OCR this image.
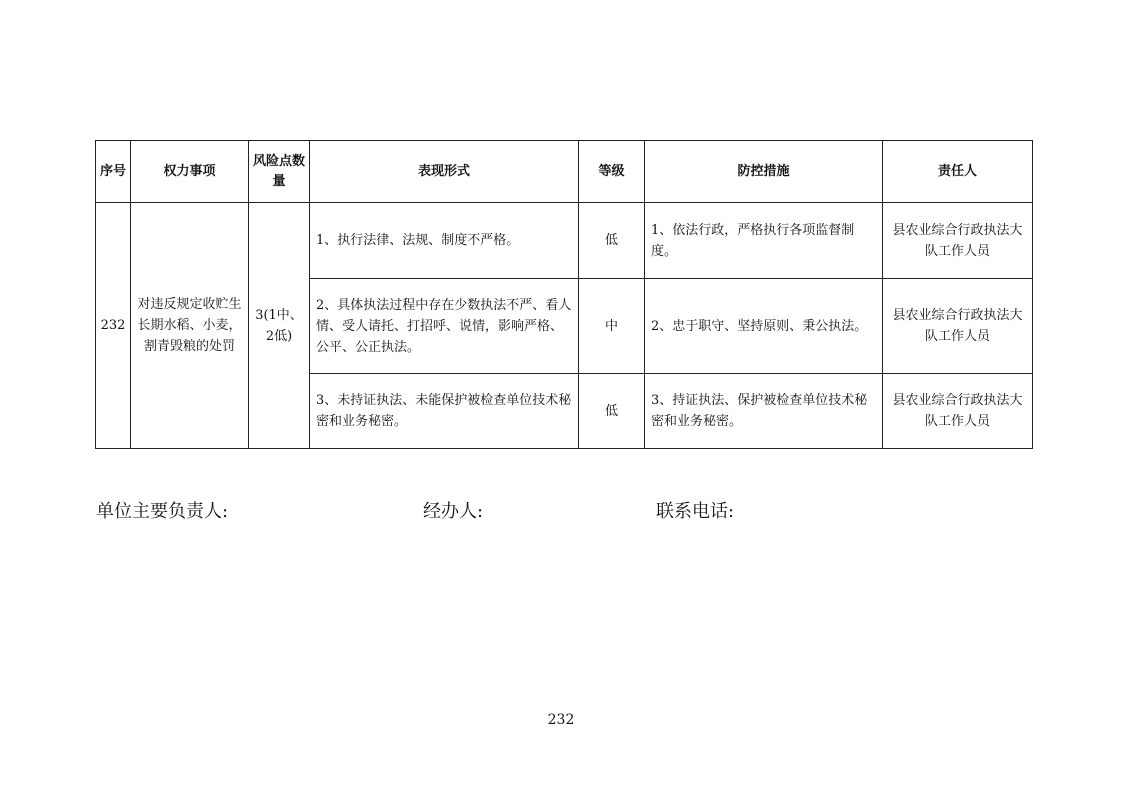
序号	权力事项	风险点数量	表现形式	等级	防控措施	责任人
232	对违反规定收贮生长期水稻、小麦，割青毁粮的处罚	3(1中、2低)	1、执行法律、法规、制度不严格。	低	1、依法行政，严格执行各项监督制度。	县农业综合行政执法大队工作人员
			2、具体执法过程中存在少数执法不严、看人情、受人请托、打招呼、说情，影响严格、公平、公正执法。	中	2、忠于职守、坚持原则、秉公执法。	县农业综合行政执法大队工作人员
			3、未持证执法、未能保护被检查单位技术秘密和业务秘密。	低	3、持证执法、保护被检查单位技术秘密和业务秘密。	县农业综合行政执法大队工作人员
单位主要负责人:	经办人:	联系电话:
232
